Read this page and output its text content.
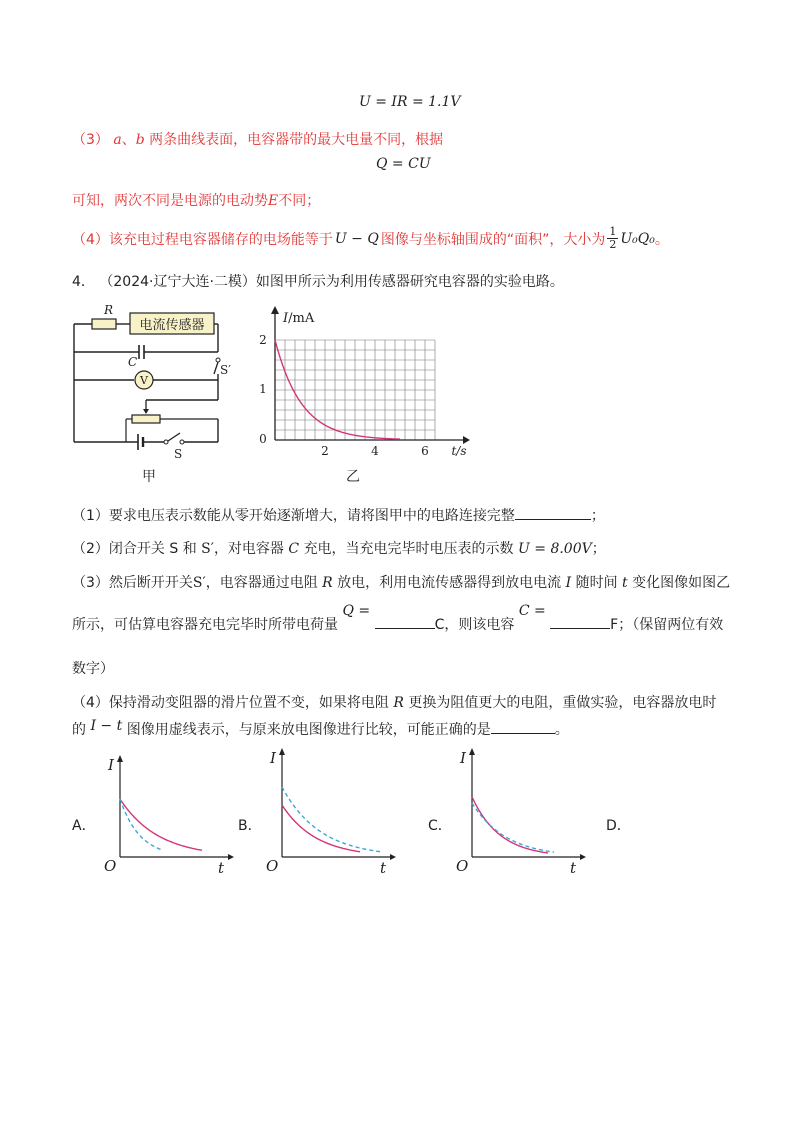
U = IR = 1.1V
（3） a、b 两条曲线表面，电容器带的最大电量不同，根据
Q = CU
可知，两次不同是电源的电动势E不同；
（4） 该充电过程电容器储存的电场能等于 U − Q 图像与坐标轴围成的“面积”，大小为 $\frac{1}{2} U_0Q_0$ 。
4． （2024·辽宁大连·二模）如图甲所示为利用传感器研究电容器的实验电路。
电流传感器
R
C
S′
V
S
甲
I/mA
2
1
0
2	4	6 t/s
乙
（1）要求电压表示数能从零开始逐渐增大，请将图甲中的电路连接完整	；
（2）闭合开关 S 和 S′，对电容器 C 充电，当充电完毕时电压表的示数 U = 8.00V；
（3）然后断开开关S′，电容器通过电阻 R 放电，利用电流传感器得到放电电流 I 随时间 t 变化图像如图乙
所示，可估算电容器充电完毕时所带电荷量 Q = C，则该电容 C = F；（保留两位有效
数字）
（4）保持滑动变阻器的滑片位置不变，如果将电阻 R 更换为阻值更大的电阻，重做实验，电容器放电时
的 I − t 图像用虚线表示，与原来放电图像进行比较，可能正确的是	。
A．
I
O	t
B．
I
O	t
C．
I
O	t
D．
